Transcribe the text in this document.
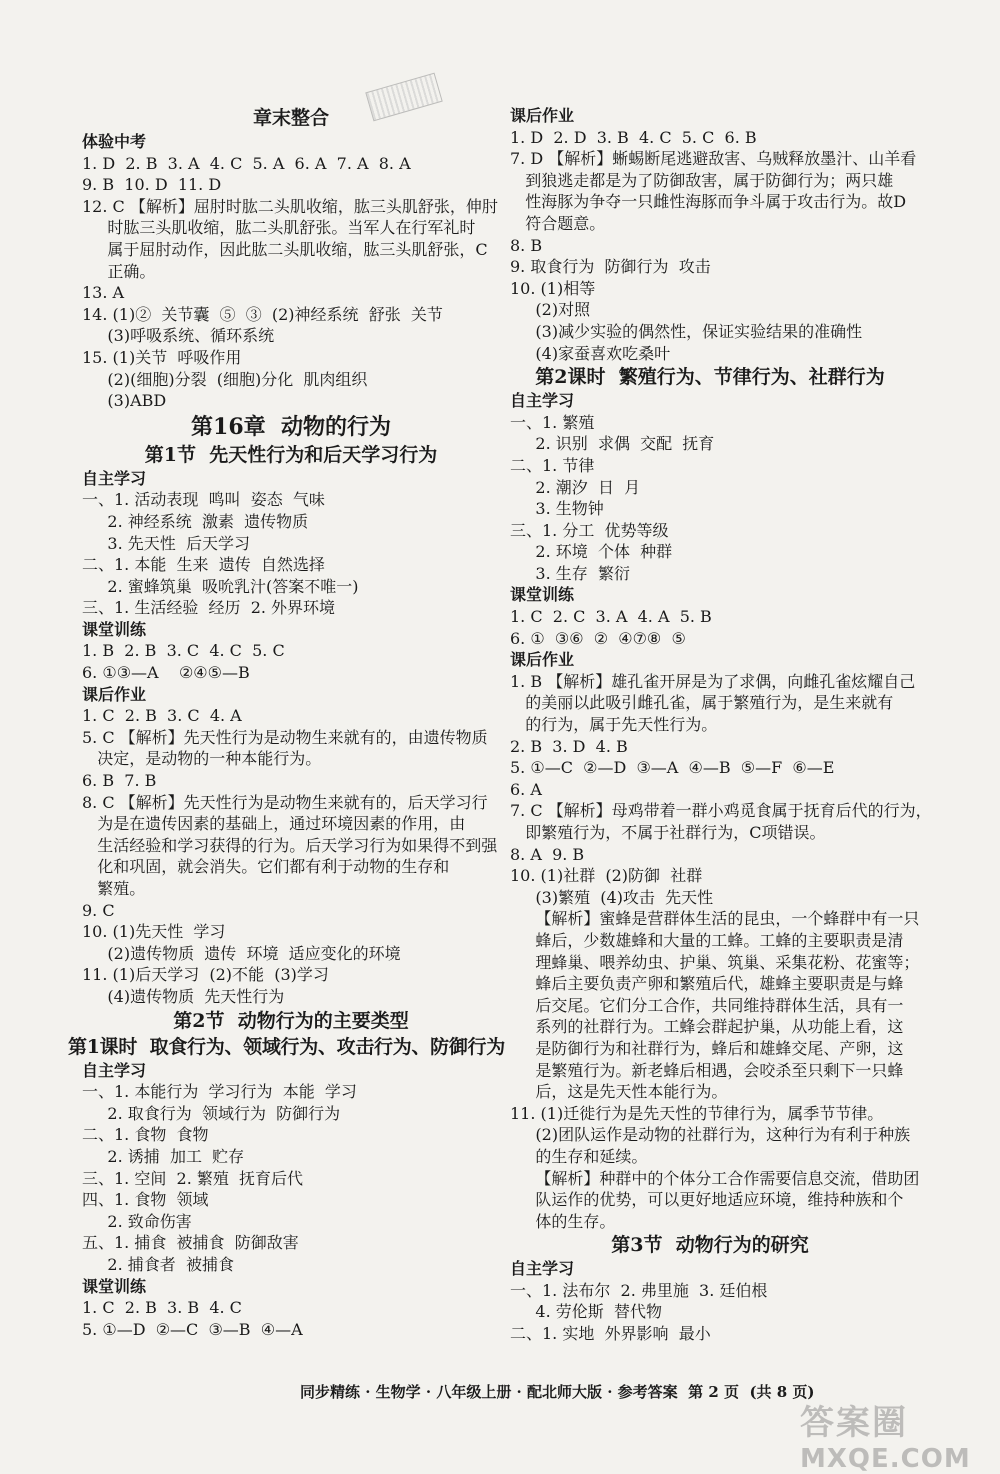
章末整合
体验中考
1. D  2. B  3. A  4. C  5. A  6. A  7. A  8. A
9. B  10. D  11. D
12. C 【解析】屈肘时肱二头肌收缩，肱三头肌舒张，伸肘
时肱三头肌收缩，肱二头肌舒张。当军人在行军礼时
属于屈肘动作，因此肱二头肌收缩，肱三头肌舒张，C
正确。
13. A
14. (1)②  关节囊  ⑤  ③  (2)神经系统  舒张  关节
(3)呼吸系统、循环系统
15. (1)关节  呼吸作用
(2)(细胞)分裂  (细胞)分化  肌肉组织
(3)ABD
第16章  动物的行为
第1节  先天性行为和后天学习行为
自主学习
一、1. 活动表现  鸣叫  姿态  气味
2. 神经系统  激素  遗传物质
3. 先天性  后天学习
二、1. 本能  生来  遗传  自然选择
2. 蜜蜂筑巢  吸吮乳汁(答案不唯一)
三、1. 生活经验  经历  2. 外界环境
课堂训练
1. B  2. B  3. C  4. C  5. C
6. ①③—A    ②④⑤—B
课后作业
1. C  2. B  3. C  4. A
5. C 【解析】先天性行为是动物生来就有的，由遗传物质
决定，是动物的一种本能行为。
6. B  7. B
8. C 【解析】先天性行为是动物生来就有的，后天学习行
为是在遗传因素的基础上，通过环境因素的作用，由
生活经验和学习获得的行为。后天学习行为如果得不到强
化和巩固，就会消失。它们都有利于动物的生存和
繁殖。
9. C
10. (1)先天性  学习
(2)遗传物质  遗传  环境  适应变化的环境
11. (1)后天学习  (2)不能  (3)学习
(4)遗传物质  先天性行为
第2节  动物行为的主要类型
第1课时  取食行为、领域行为、攻击行为、防御行为
自主学习
一、1. 本能行为  学习行为  本能  学习
2. 取食行为  领域行为  防御行为
二、1. 食物  食物
2. 诱捕  加工  贮存
三、1. 空间  2. 繁殖  抚育后代
四、1. 食物  领域
2. 致命伤害
五、1. 捕食  被捕食  防御敌害
2. 捕食者  被捕食
课堂训练
1. C  2. B  3. B  4. C
5. ①—D  ②—C  ③—B  ④—A
课后作业
1. D  2. D  3. B  4. C  5. C  6. B
7. D 【解析】蜥蜴断尾逃避敌害、乌贼释放墨汁、山羊看
到狼逃走都是为了防御敌害，属于防御行为；两只雄
性海豚为争夺一只雌性海豚而争斗属于攻击行为。故D
符合题意。
8. B
9. 取食行为  防御行为  攻击
10. (1)相等
(2)对照
(3)减少实验的偶然性，保证实验结果的准确性
(4)家蚕喜欢吃桑叶
第2课时  繁殖行为、节律行为、社群行为
自主学习
一、1. 繁殖
2. 识别  求偶  交配  抚育
二、1. 节律
2. 潮汐  日  月
3. 生物钟
三、1. 分工  优势等级
2. 环境  个体  种群
3. 生存  繁衍
课堂训练
1. C  2. C  3. A  4. A  5. B
6. ①  ③⑥  ②  ④⑦⑧  ⑤
课后作业
1. B 【解析】雄孔雀开屏是为了求偶，向雌孔雀炫耀自己
的美丽以此吸引雌孔雀，属于繁殖行为，是生来就有
的行为，属于先天性行为。
2. B  3. D  4. B
5. ①—C  ②—D  ③—A  ④—B  ⑤—F  ⑥—E
6. A
7. C 【解析】母鸡带着一群小鸡觅食属于抚育后代的行为，
即繁殖行为，不属于社群行为，C项错误。
8. A  9. B
10. (1)社群  (2)防御  社群
(3)繁殖  (4)攻击  先天性
【解析】蜜蜂是营群体生活的昆虫，一个蜂群中有一只
蜂后，少数雄蜂和大量的工蜂。工蜂的主要职责是清
理蜂巢、喂养幼虫、护巢、筑巢、采集花粉、花蜜等；
蜂后主要负责产卵和繁殖后代，雄蜂主要职责是与蜂
后交尾。它们分工合作，共同维持群体生活，具有一
系列的社群行为。工蜂会群起护巢，从功能上看，这
是防御行为和社群行为，蜂后和雄蜂交尾、产卵，这
是繁殖行为。新老蜂后相遇，会咬杀至只剩下一只蜂
后，这是先天性本能行为。
11. (1)迁徙行为是先天性的节律行为，属季节节律。
(2)团队运作是动物的社群行为，这种行为有利于种族
的生存和延续。
【解析】种群中的个体分工合作需要信息交流，借助团
队运作的优势，可以更好地适应环境，维持种族和个
体的生存。
第3节  动物行为的研究
自主学习
一、1. 法布尔  2. 弗里施  3. 廷伯根
4. 劳伦斯  替代物
二、1. 实地  外界影响  最小
同步精练 · 生物学 · 八年级上册 · 配北师大版 · 参考答案  第 2 页  (共 8 页)
答案圈
MXQE.COM
